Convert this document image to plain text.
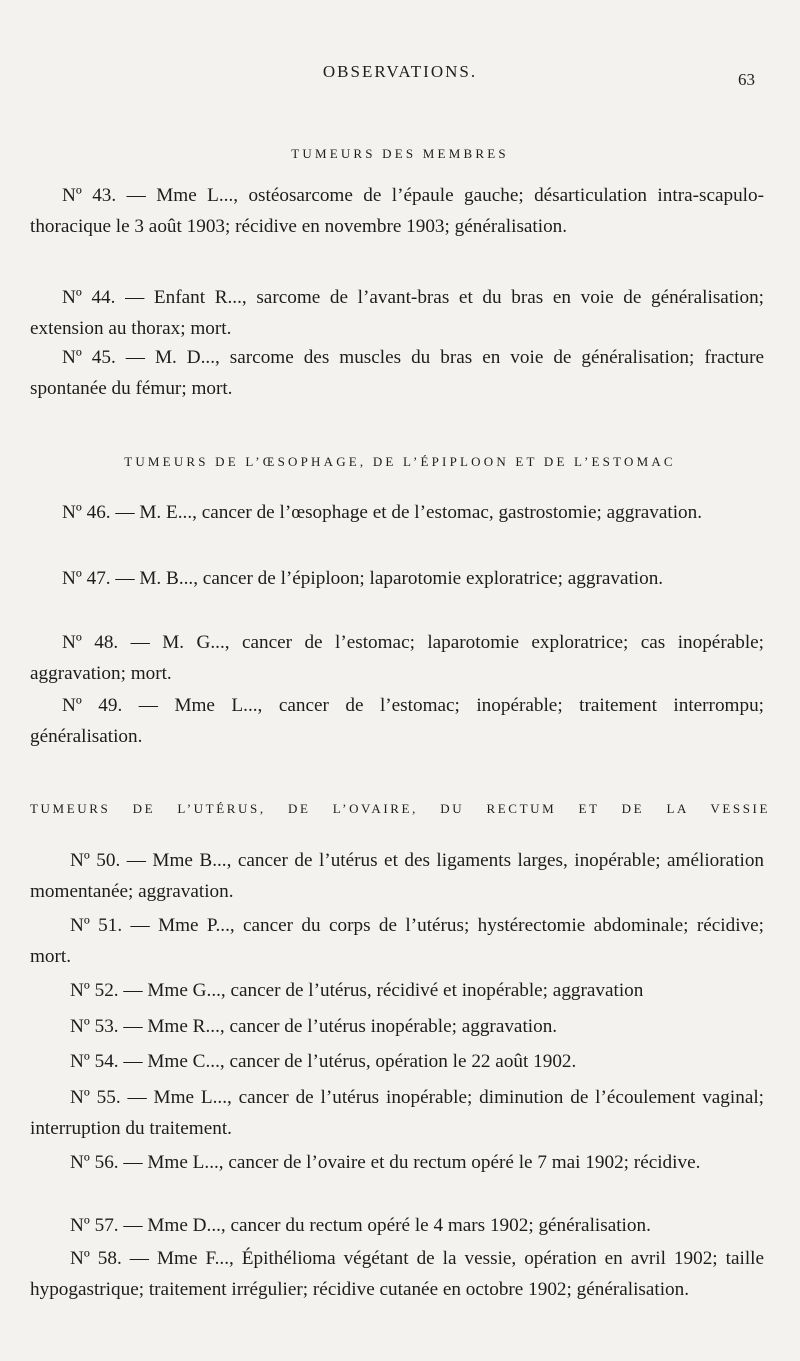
OBSERVATIONS.	63
TUMEURS DES MEMBRES

Nº 43. — Mme L..., ostéosarcome de l’épaule gauche; désarticulation intra-scapulo-thoracique le 3 août 1903; récidive en novembre 1903; généralisation.

Nº 44. — Enfant R..., sarcome de l’avant-bras et du bras en voie de généralisation; extension au thorax; mort.

Nº 45. — M. D..., sarcome des muscles du bras en voie de généralisation; fracture spontanée du fémur; mort.

TUMEURS DE L’ŒSOPHAGE, DE L’ÉPIPLOON ET DE L’ESTOMAC

Nº 46. — M. E..., cancer de l’œsophage et de l’estomac, gastrostomie; aggravation.

Nº 47. — M. B..., cancer de l’épiploon; laparotomie exploratrice; aggravation.

Nº 48. — M. G..., cancer de l’estomac; laparotomie exploratrice; cas inopérable; aggravation; mort.

Nº 49. — Mme L..., cancer de l’estomac; inopérable; traitement interrompu; généralisation.

TUMEURS DE L’UTÉRUS, DE L’OVAIRE, DU RECTUM ET DE LA VESSIE

Nº 50. — Mme B..., cancer de l’utérus et des ligaments larges, inopérable; amélioration momentanée; aggravation.

Nº 51. — Mme P..., cancer du corps de l’utérus; hystérectomie abdominale; récidive; mort.

Nº 52. — Mme G..., cancer de l’utérus, récidivé et inopérable; aggravation

Nº 53. — Mme R..., cancer de l’utérus inopérable; aggravation.

Nº 54. — Mme C..., cancer de l’utérus, opération le 22 août 1902.

Nº 55. — Mme L..., cancer de l’utérus inopérable; diminution de l’écoulement vaginal; interruption du traitement.

Nº 56. — Mme L..., cancer de l’ovaire et du rectum opéré le 7 mai 1902; récidive.

Nº 57. — Mme D..., cancer du rectum opéré le 4 mars 1902; généralisation.

Nº 58. — Mme F..., Épithélioma végétant de la vessie, opération en avril 1902; taille hypogastrique; traitement irrégulier; récidive cutanée en octobre 1902; généralisation.
